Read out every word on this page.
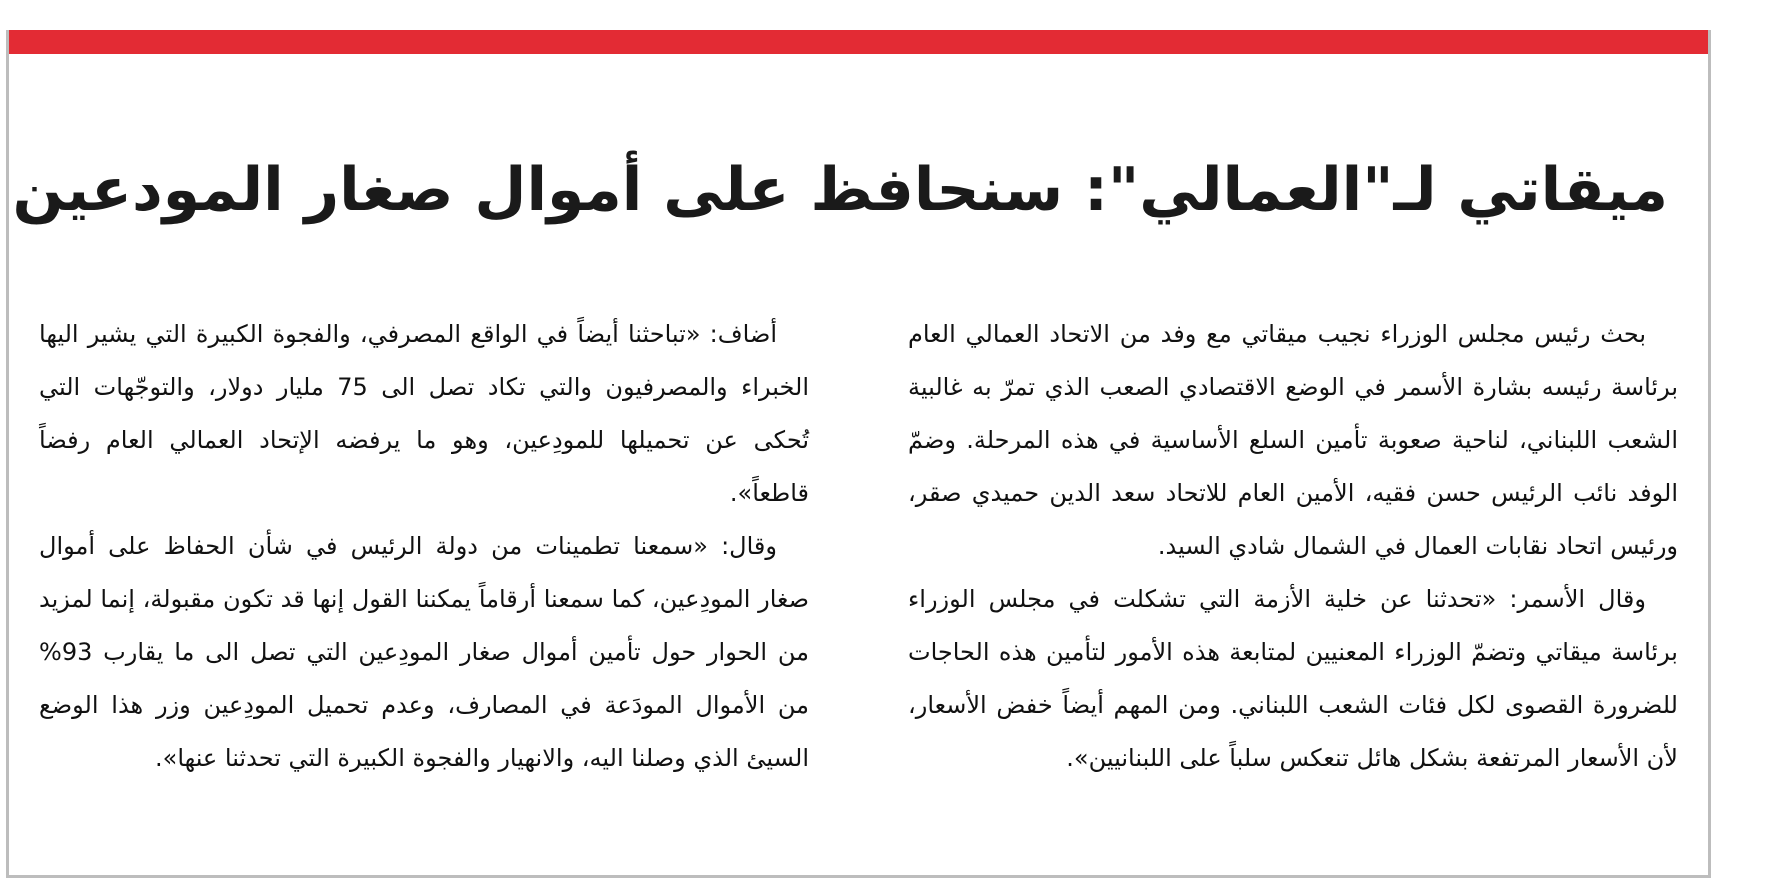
ميقاتي لـ"العمالي": سنحافظ على أموال صغار المودعين

بحث رئيس مجلس الوزراء نجيب ميقاتي مع وفد من الاتحاد العمالي العام برئاسة رئيسه بشارة الأسمر في الوضع الاقتصادي الصعب الذي تمرّ به غالبية الشعب اللبناني، لناحية صعوبة تأمين السلع الأساسية في هذه المرحلة. وضمّ الوفد نائب الرئيس حسن فقيه، الأمين العام للاتحاد سعد الدين حميدي صقر، ورئيس اتحاد نقابات العمال في الشمال شادي السيد.

وقال الأسمر: «تحدثنا عن خلية الأزمة التي تشكلت في مجلس الوزراء برئاسة ميقاتي وتضمّ الوزراء المعنيين لمتابعة هذه الأمور لتأمين هذه الحاجات للضرورة القصوى لكل فئات الشعب اللبناني. ومن المهم أيضاً خفض الأسعار، لأن الأسعار المرتفعة بشكل هائل تنعكس سلباً على اللبنانيين».

أضاف: «تباحثنا أيضاً في الواقع المصرفي، والفجوة الكبيرة التي يشير اليها الخبراء والمصرفيون والتي تكاد تصل الى 75 مليار دولار، والتوجّهات التي تُحكى عن تحميلها للمودِعين، وهو ما يرفضه الإتحاد العمالي العام رفضاً قاطعاً».

وقال: «سمعنا تطمينات من دولة الرئيس في شأن الحفاظ على أموال صغار المودِعين، كما سمعنا أرقاماً يمكننا القول إنها قد تكون مقبولة، إنما لمزيد من الحوار حول تأمين أموال صغار المودِعين التي تصل الى ما يقارب 93% من الأموال المودَعة في المصارف، وعدم تحميل المودِعين وزر هذا الوضع السيئ الذي وصلنا اليه، والانهيار والفجوة الكبيرة التي تحدثنا عنها».
